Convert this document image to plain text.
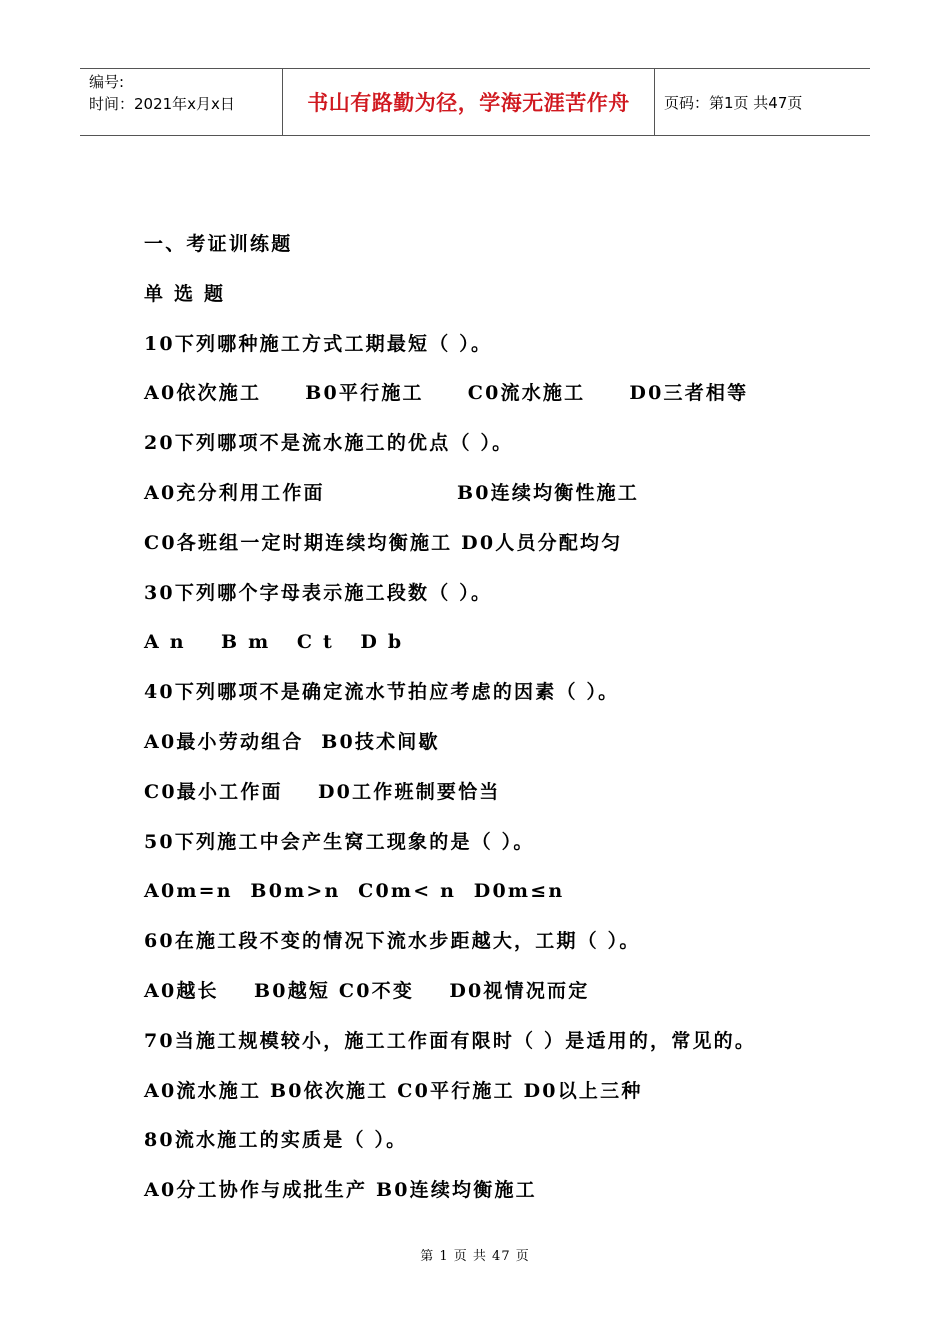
编号:
时间：2021年x月x日	书山有路勤为径，学海无涯苦作舟 页码：第1页 共47页
一、考证训练题
单 选 题
10下列哪种施工方式工期最短（ ）。
A0依次施工     B0平行施工     C0流水施工     D0三者相等
20下列哪项不是流水施工的优点（ ）。
A0充分利用工作面               B0连续均衡性施工
C0各班组一定时期连续均衡施工 D0人员分配均匀
30下列哪个字母表示施工段数（ ）。
A n    B m   C t   D b
40下列哪项不是确定流水节拍应考虑的因素（ ）。
A0最小劳动组合  B0技术间歇
C0最小工作面    D0工作班制要恰当
50下列施工中会产生窝工现象的是（ ）。
A0m=n  B0m>n  C0m< n  D0m≤n
60在施工段不变的情况下流水步距越大，工期（ ）。
A0越长    B0越短 C0不变    D0视情况而定
70当施工规模较小，施工工作面有限时（ ）是适用的，常见的。
A0流水施工 B0依次施工 C0平行施工 D0以上三种
80流水施工的实质是（ ）。
A0分工协作与成批生产 B0连续均衡施工
第 1 页 共 47 页
